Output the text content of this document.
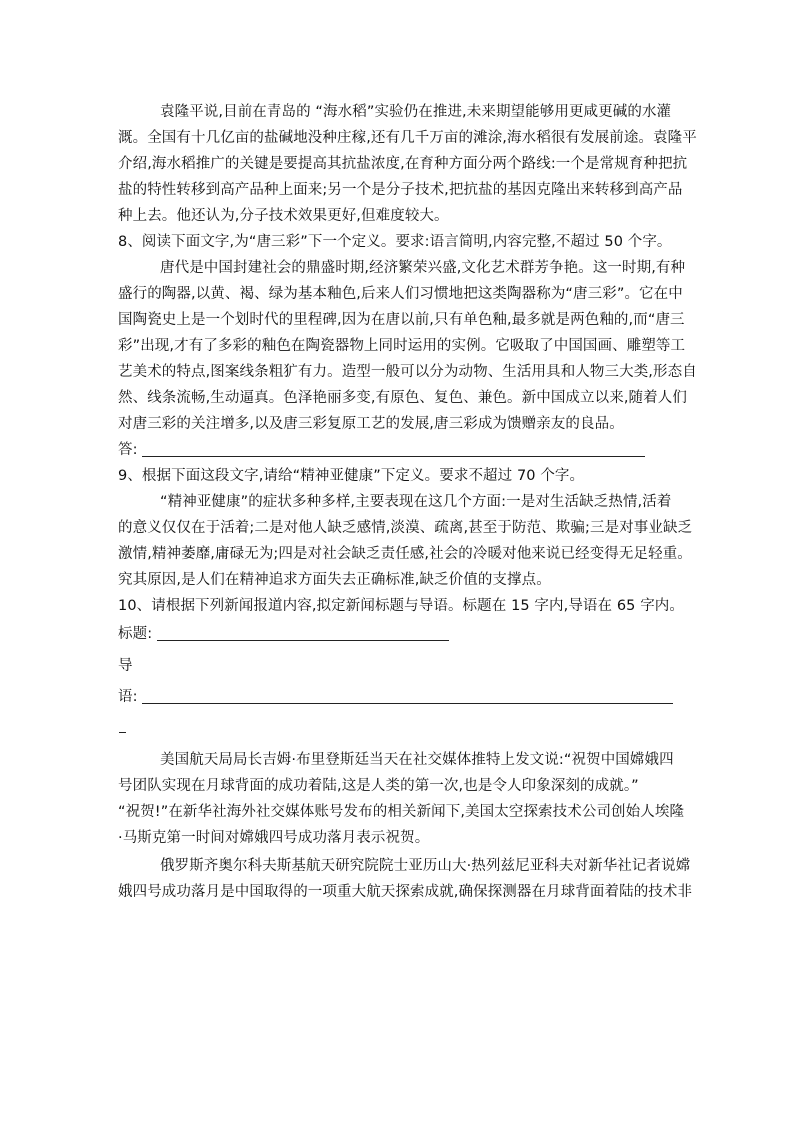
袁隆平说,目前在青岛的 “海水稻”实验仍在推进,未来期望能够用更咸更碱的水灌
溉。全国有十几亿亩的盐碱地没种庄稼,还有几千万亩的滩涂,海水稻很有发展前途。袁隆平
介绍,海水稻推广的关键是要提高其抗盐浓度,在育种方面分两个路线:一个是常规育种把抗
盐的特性转移到高产品种上面来;另一个是分子技术,把抗盐的基因克隆出来转移到高产品
种上去。他还认为,分子技术效果更好,但难度较大。
8、阅读下面文字,为“唐三彩”下一个定义。要求:语言简明,内容完整,不超过 50 个字。
唐代是中国封建社会的鼎盛时期,经济繁荣兴盛,文化艺术群芳争艳。这一时期,有种
盛行的陶器,以黄、褐、绿为基本釉色,后来人们习惯地把这类陶器称为“唐三彩”。它在中
国陶瓷史上是一个划时代的里程碑,因为在唐以前,只有单色釉,最多就是两色釉的,而“唐三
彩”出现,才有了多彩的釉色在陶瓷器物上同时运用的实例。它吸取了中国国画、雕塑等工
艺美术的特点,图案线条粗犷有力。造型一般可以分为动物、生活用具和人物三大类,形态自
然、线条流畅,生动逼真。色泽艳丽多变,有原色、复色、兼色。新中国成立以来,随着人们
对唐三彩的关注增多,以及唐三彩复原工艺的发展,唐三彩成为馈赠亲友的良品。
答:
9、根据下面这段文字,请给“精神亚健康”下定义。要求不超过 70 个字。
“精神亚健康”的症状多种多样,主要表现在这几个方面:一是对生活缺乏热情,活着
的意义仅仅在于活着;二是对他人缺乏感情,淡漠、疏离,甚至于防范、欺骗;三是对事业缺乏
激情,精神萎靡,庸碌无为;四是对社会缺乏责任感,社会的冷暖对他来说已经变得无足轻重。
究其原因,是人们在精神追求方面失去正确标准,缺乏价值的支撑点。
10、请根据下列新闻报道内容,拟定新闻标题与导语。标题在 15 字内,导语在 65 字内。
标题:
导
语:
美国航天局局长吉姆·布里登斯廷当天在社交媒体推特上发文说:“祝贺中国嫦娥四
号团队实现在月球背面的成功着陆,这是人类的第一次,也是令人印象深刻的成就。”
“祝贺!”在新华社海外社交媒体账号发布的相关新闻下,美国太空探索技术公司创始人埃隆
·马斯克第一时间对嫦娥四号成功落月表示祝贺。
俄罗斯齐奥尔科夫斯基航天研究院院士亚历山大·热列兹尼亚科夫对新华社记者说嫦
娥四号成功落月是中国取得的一项重大航天探索成就,确保探测器在月球背面着陆的技术非
